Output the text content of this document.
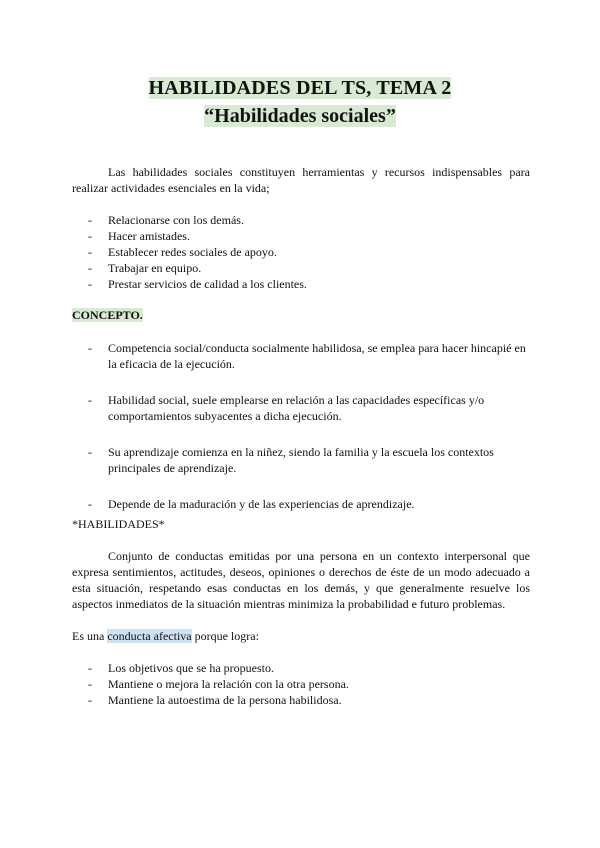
HABILIDADES DEL TS, TEMA 2
“Habilidades sociales”

Las habilidades sociales constituyen herramientas y recursos indispensables para realizar actividades esenciales en la vida;

- Relacionarse con los demás.
- Hacer amistades.
- Establecer redes sociales de apoyo.
- Trabajar en equipo.
- Prestar servicios de calidad a los clientes.
CONCEPTO.
- Competencia social/conducta socialmente habilidosa, se emplea para hacer hincapié en la eficacia de la ejecución.
- Habilidad social, suele emplearse en relación a las capacidades específicas y/o comportamientos subyacentes a dicha ejecución.
- Su aprendizaje comienza en la niñez, siendo la familia y la escuela los contextos principales de aprendizaje.
- Depende de la maduración y de las experiencias de aprendizaje.

*HABILIDADES*

Conjunto de conductas emitidas por una persona en un contexto interpersonal que expresa sentimientos, actitudes, deseos, opiniones o derechos de éste de un modo adecuado a esta situación, respetando esas conductas en los demás, y que generalmente resuelve los aspectos inmediatos de la situación mientras minimiza la probabilidad e futuro problemas.

Es una conducta afectiva porque logra:

- Los objetivos que se ha propuesto.
- Mantiene o mejora la relación con la otra persona.
- Mantiene la autoestima de la persona habilidosa.
